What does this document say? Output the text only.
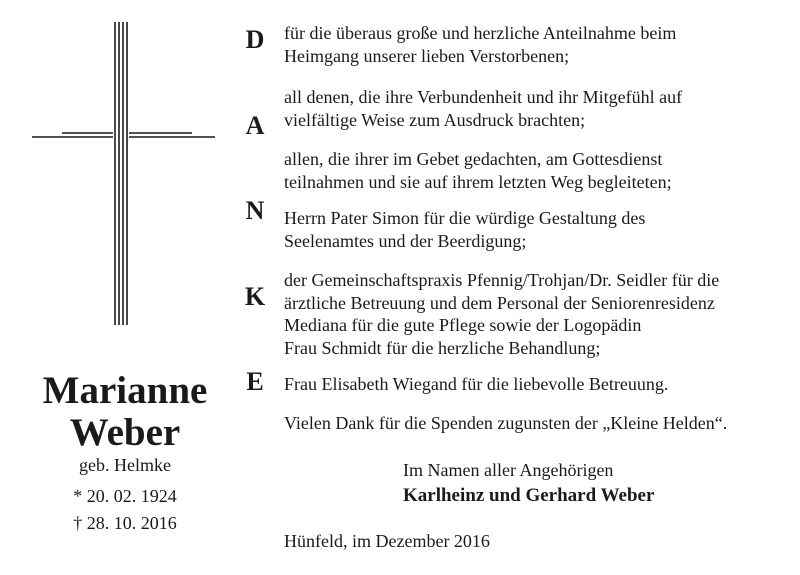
Marianne
Weber
geb. Helmke
* 20. 02. 1924
† 28. 10. 2016
D
A
N
K
E
für die überaus große und herzliche Anteilnahme beim
Heimgang unserer lieben Verstorbenen;
all denen, die ihre Verbundenheit und ihr Mitgefühl auf
vielfältige Weise zum Ausdruck brachten;
allen, die ihrer im Gebet gedachten, am Gottesdienst
teilnahmen und sie auf ihrem letzten Weg begleiteten;
Herrn Pater Simon für die würdige Gestaltung des
Seelenamtes und der Beerdigung;
der Gemeinschaftspraxis Pfennig/Trohjan/Dr. Seidler für die
ärztliche Betreuung und dem Personal der Seniorenresidenz
Mediana für die gute Pflege sowie der Logopädin
Frau Schmidt für die herzliche Behandlung;
Frau Elisabeth Wiegand für die liebevolle Betreuung.
Vielen Dank für die Spenden zugunsten der „Kleine Helden“.
Im Namen aller Angehörigen
Karlheinz und Gerhard Weber
Hünfeld, im Dezember 2016
